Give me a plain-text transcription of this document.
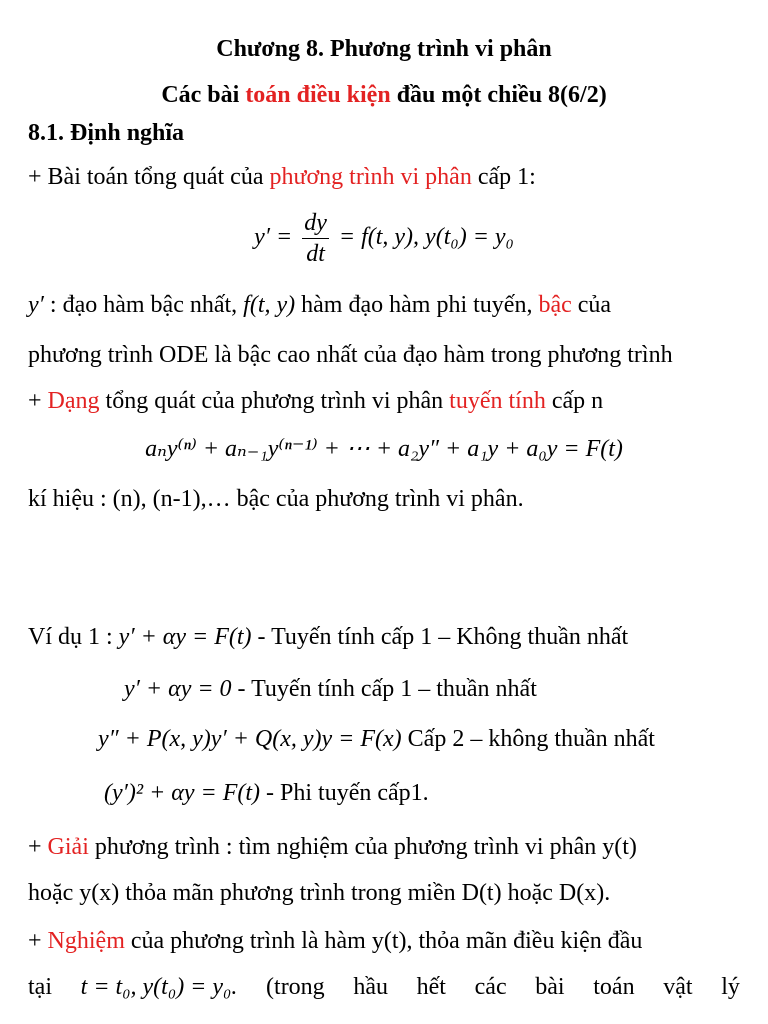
Chương 8. Phương trình vi phân
Các bài toán điều kiện đầu một chiều 8(6/2)
8.1. Định nghĩa
+ Bài toán tổng quát của phương trình vi phân cấp 1:
$y' = \frac{dy}{dt} = f(t$, y), y(t₀) = y₀
y′ : đạo hàm bậc nhất, f(t, y) hàm đạo hàm phi tuyến, bậc của
phương trình ODE là bậc cao nhất của đạo hàm trong phương trình
+ Dạng tổng quát của phương trình vi phân tuyến tính cấp n
aₙy⁽ⁿ⁾ + aₙ₋₁y⁽ⁿ⁻¹⁾ + ⋯ + a₂y″ + a₁y + a₀y = F(t)
kí hiệu : (n), (n-1),… bậc của phương trình vi phân.
Ví dụ 1 : y′ + αy = F(t) - Tuyến tính cấp 1 – Không thuần nhất
y′ + αy = 0 - Tuyến tính cấp 1 – thuần nhất
y″ + P(x, y)y′ + Q(x, y)y = F(x) Cấp 2 – không thuần nhất
(y′)² + αy = F(t) - Phi tuyến cấp1.
+ Giải phương trình : tìm nghiệm của phương trình vi phân y(t)
hoặc y(x) thỏa mãn phương trình trong miền D(t) hoặc D(x).
+ Nghiệm của phương trình là hàm y(t), thỏa mãn điều kiện đầu
tại t = t₀, y(t₀) = y₀. (trong hầu hết các bài toán vật lý
